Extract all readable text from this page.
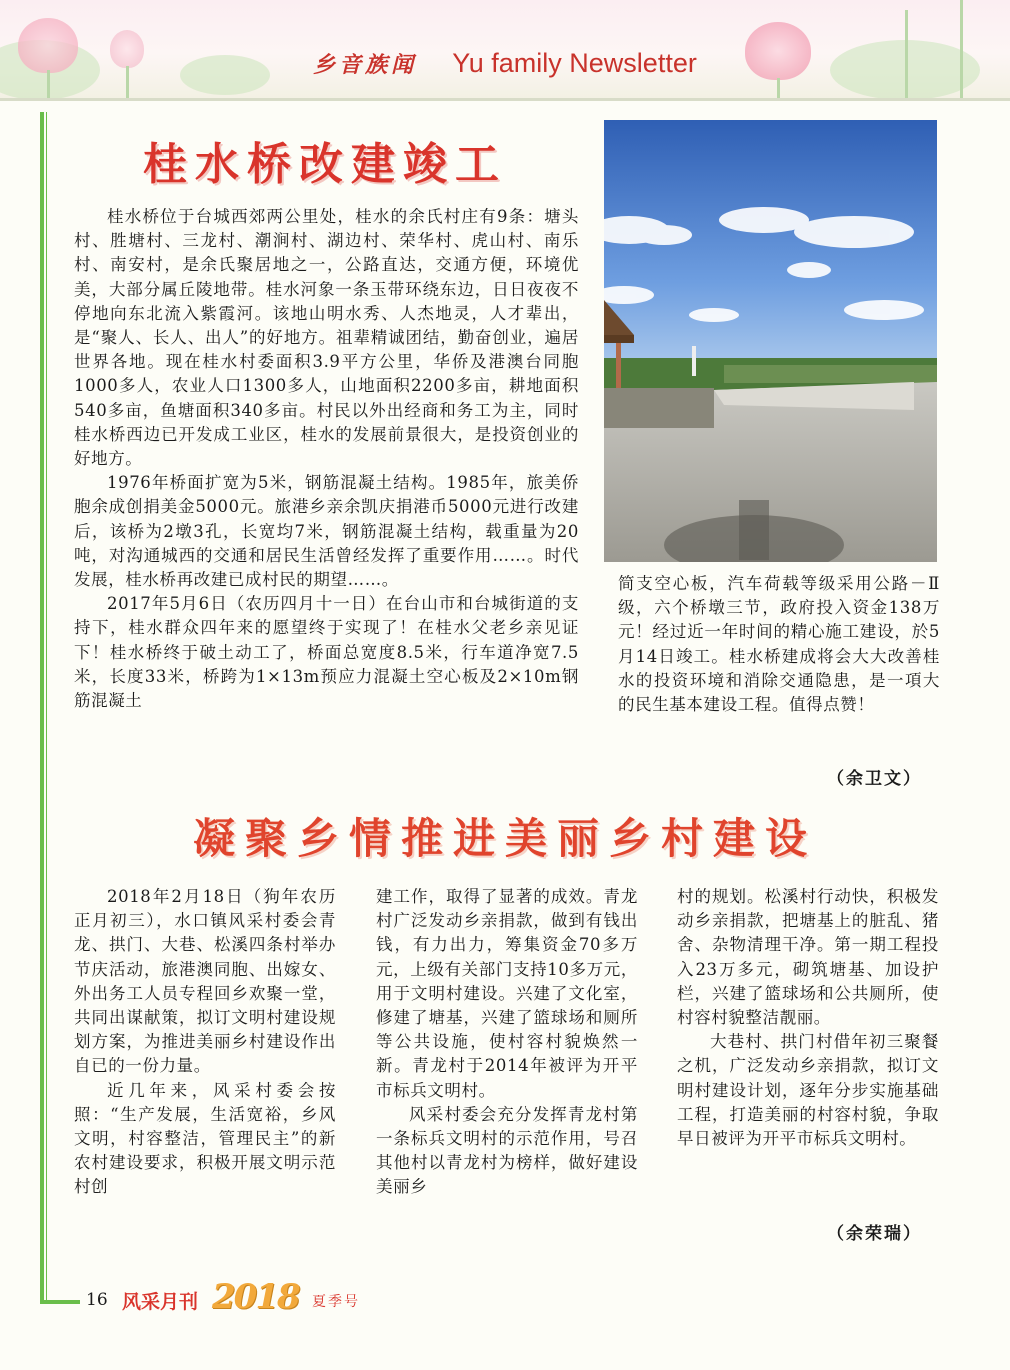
乡音族闻 Yu family Newsletter
桂水桥改建竣工

桂水桥位于台城西郊两公里处，桂水的余氏村庄有9条：塘头村、胜塘村、三龙村、潮涧村、湖边村、荣华村、虎山村、南乐村、南安村，是余氏聚居地之一，公路直达，交通方便，环境优美，大部分属丘陵地带。桂水河象一条玉带环绕东边，日日夜夜不停地向东北流入紫霞河。该地山明水秀、人杰地灵，人才辈出，是“聚人、长人、出人”的好地方。祖辈精诚团结，勤奋创业，遍居世界各地。现在桂水村委面积3.9平方公里，华侨及港澳台同胞1000多人，农业人口1300多人，山地面积2200多亩，耕地面积540多亩，鱼塘面积340多亩。村民以外出经商和务工为主，同时桂水桥西边已开发成工业区，桂水的发展前景很大，是投资创业的好地方。

1976年桥面扩宽为5米，钢筋混凝土结构。1985年，旅美侨胞余成创捐美金5000元。旅港乡亲余凯庆捐港币5000元进行改建后，该桥为2墩3孔，长宽均7米，钢筋混凝土结构，载重量为20吨，对沟通城西的交通和居民生活曾经发挥了重要作用……。时代发展，桂水桥再改建已成村民的期望……。

2017年5月6日（农历四月十一日）在台山市和台城街道的支持下，桂水群众四年来的愿望终于实现了！在桂水父老乡亲见证下！桂水桥终于破土动工了，桥面总宽度8.5米，行车道净宽7.5米，长度33米，桥跨为1×13m预应力混凝土空心板及2×10m钢筋混凝土

简支空心板，汽车荷载等级采用公路－Ⅱ级，六个桥墩三节，政府投入资金138万元！经过近一年时间的精心施工建设，於5月14日竣工。桂水桥建成将会大大改善桂水的投资环境和消除交通隐患，是一項大的民生基本建设工程。值得点赞！

（余卫文）
凝聚乡情推进美丽乡村建设

2018年2月18日（狗年农历正月初三），水口镇风采村委会青龙、拱门、大巷、松溪四条村举办节庆活动，旅港澳同胞、出嫁女、外出务工人员专程回乡欢聚一堂，共同出谋献策，拟订文明村建设规划方案，为推进美丽乡村建设作出自已的一份力量。

近几年来，风采村委会按照：“生产发展，生活宽裕，乡风文明，村容整洁，管理民主”的新农村建设要求，积极开展文明示范村创

建工作，取得了显著的成效。青龙村广泛发动乡亲捐款，做到有钱出钱，有力出力，筹集资金70多万元，上级有关部门支持10多万元，用于文明村建设。兴建了文化室，修建了塘基，兴建了篮球场和厕所等公共设施，使村容村貌焕然一新。青龙村于2014年被评为开平市标兵文明村。

风采村委会充分发挥青龙村第一条标兵文明村的示范作用，号召其他村以青龙村为榜样，做好建设美丽乡

村的规划。松溪村行动快，积极发动乡亲捐款，把塘基上的脏乱、猪舍、杂物清理干净。第一期工程投入23万多元，砌筑塘基、加设护栏，兴建了篮球场和公共厕所，使村容村貌整洁靓丽。

大巷村、拱门村借年初三聚餐之机，广泛发动乡亲捐款，拟订文明村建设计划，逐年分步实施基础工程，打造美丽的村容村貌，争取早日被评为开平市标兵文明村。

（余荣瑞）
16 风采月刊 2018 夏季号
